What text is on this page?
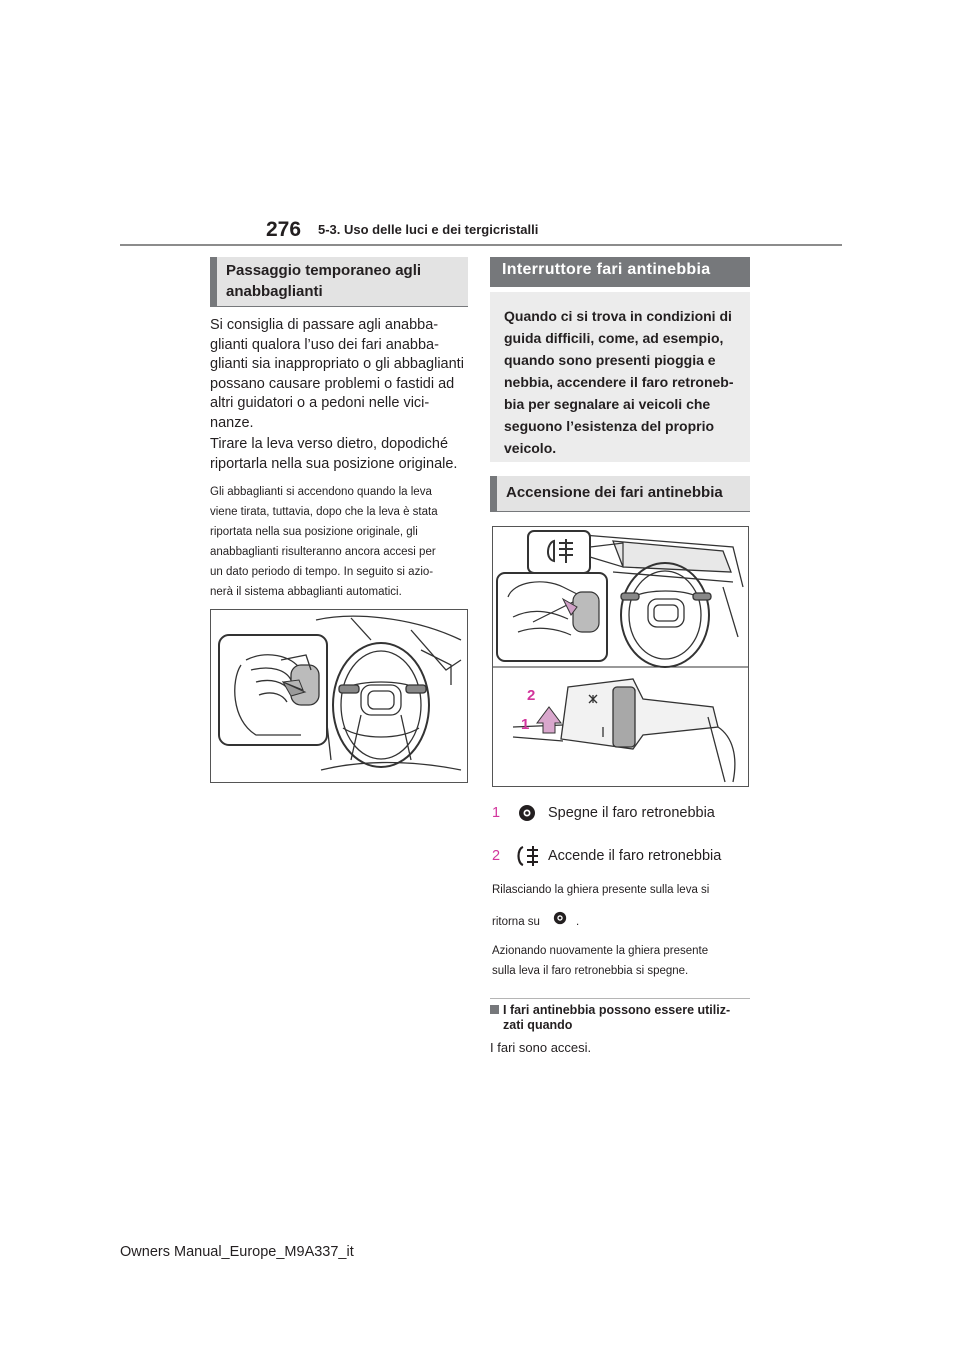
276 5-3. Uso delle luci e dei tergicristalli
Passaggio temporaneo agli
anabbaglianti
Si consiglia di passare agli anabba-
glianti qualora l’uso dei fari anabba-
glianti sia inappropriato o gli abbaglianti
possano causare problemi o fastidi ad
altri guidatori o a pedoni nelle vici-
nanze.
Tirare la leva verso dietro, dopodiché
riportarla nella sua posizione originale.
Gli abbaglianti si accendono quando la leva
viene tirata, tuttavia, dopo che la leva è stata
riportata nella sua posizione originale, gli
anabbaglianti risulteranno ancora accesi per
un dato periodo di tempo. In seguito si azio-
nerà il sistema abbaglianti automatici.
Interruttore fari antinebbia
Quando ci si trova in condizioni di
guida difficili, come, ad esempio,
quando sono presenti pioggia e
nebbia, accendere il faro retroneb-
bia per segnalare ai veicoli che
seguono l’esistenza del proprio
veicolo.
Accensione dei fari antinebbia
2
1
1	Spegne il faro retronebbia
2	Accende il faro retronebbia
Rilasciando la ghiera presente sulla leva si
ritorna su	.
Azionando nuovamente la ghiera presente
sulla leva il faro retronebbia si spegne.
I fari antinebbia possono essere utiliz-
zati quando
I fari sono accesi.
Owners Manual_Europe_M9A337_it
